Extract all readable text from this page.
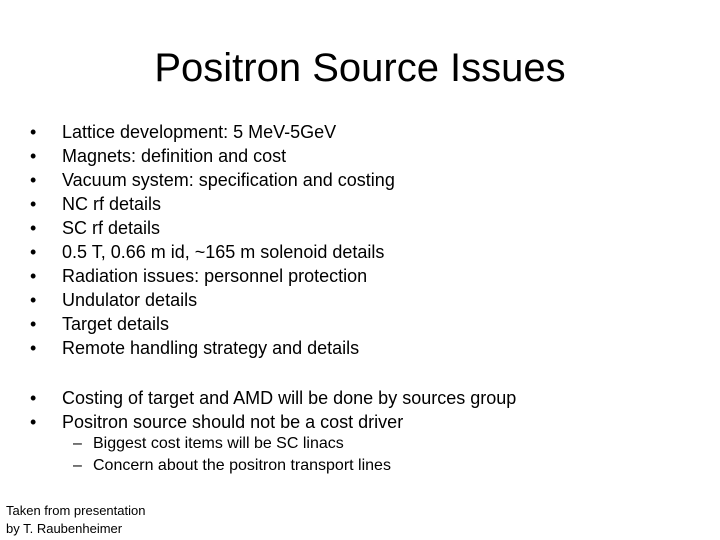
Positron Source Issues
• Lattice development: 5 MeV-5GeV
• Magnets: definition and cost
• Vacuum system: specification and costing
• NC rf details
• SC rf details
• 0.5 T, 0.66 m id, ~165 m solenoid details
• Radiation issues: personnel protection
• Undulator details
• Target details
• Remote handling strategy and details
• Costing of target and AMD will be done by sources group
• Positron source should not be a cost driver
– Biggest cost items will be SC linacs
– Concern about the positron transport lines
Taken from presentation
by T. Raubenheimer
